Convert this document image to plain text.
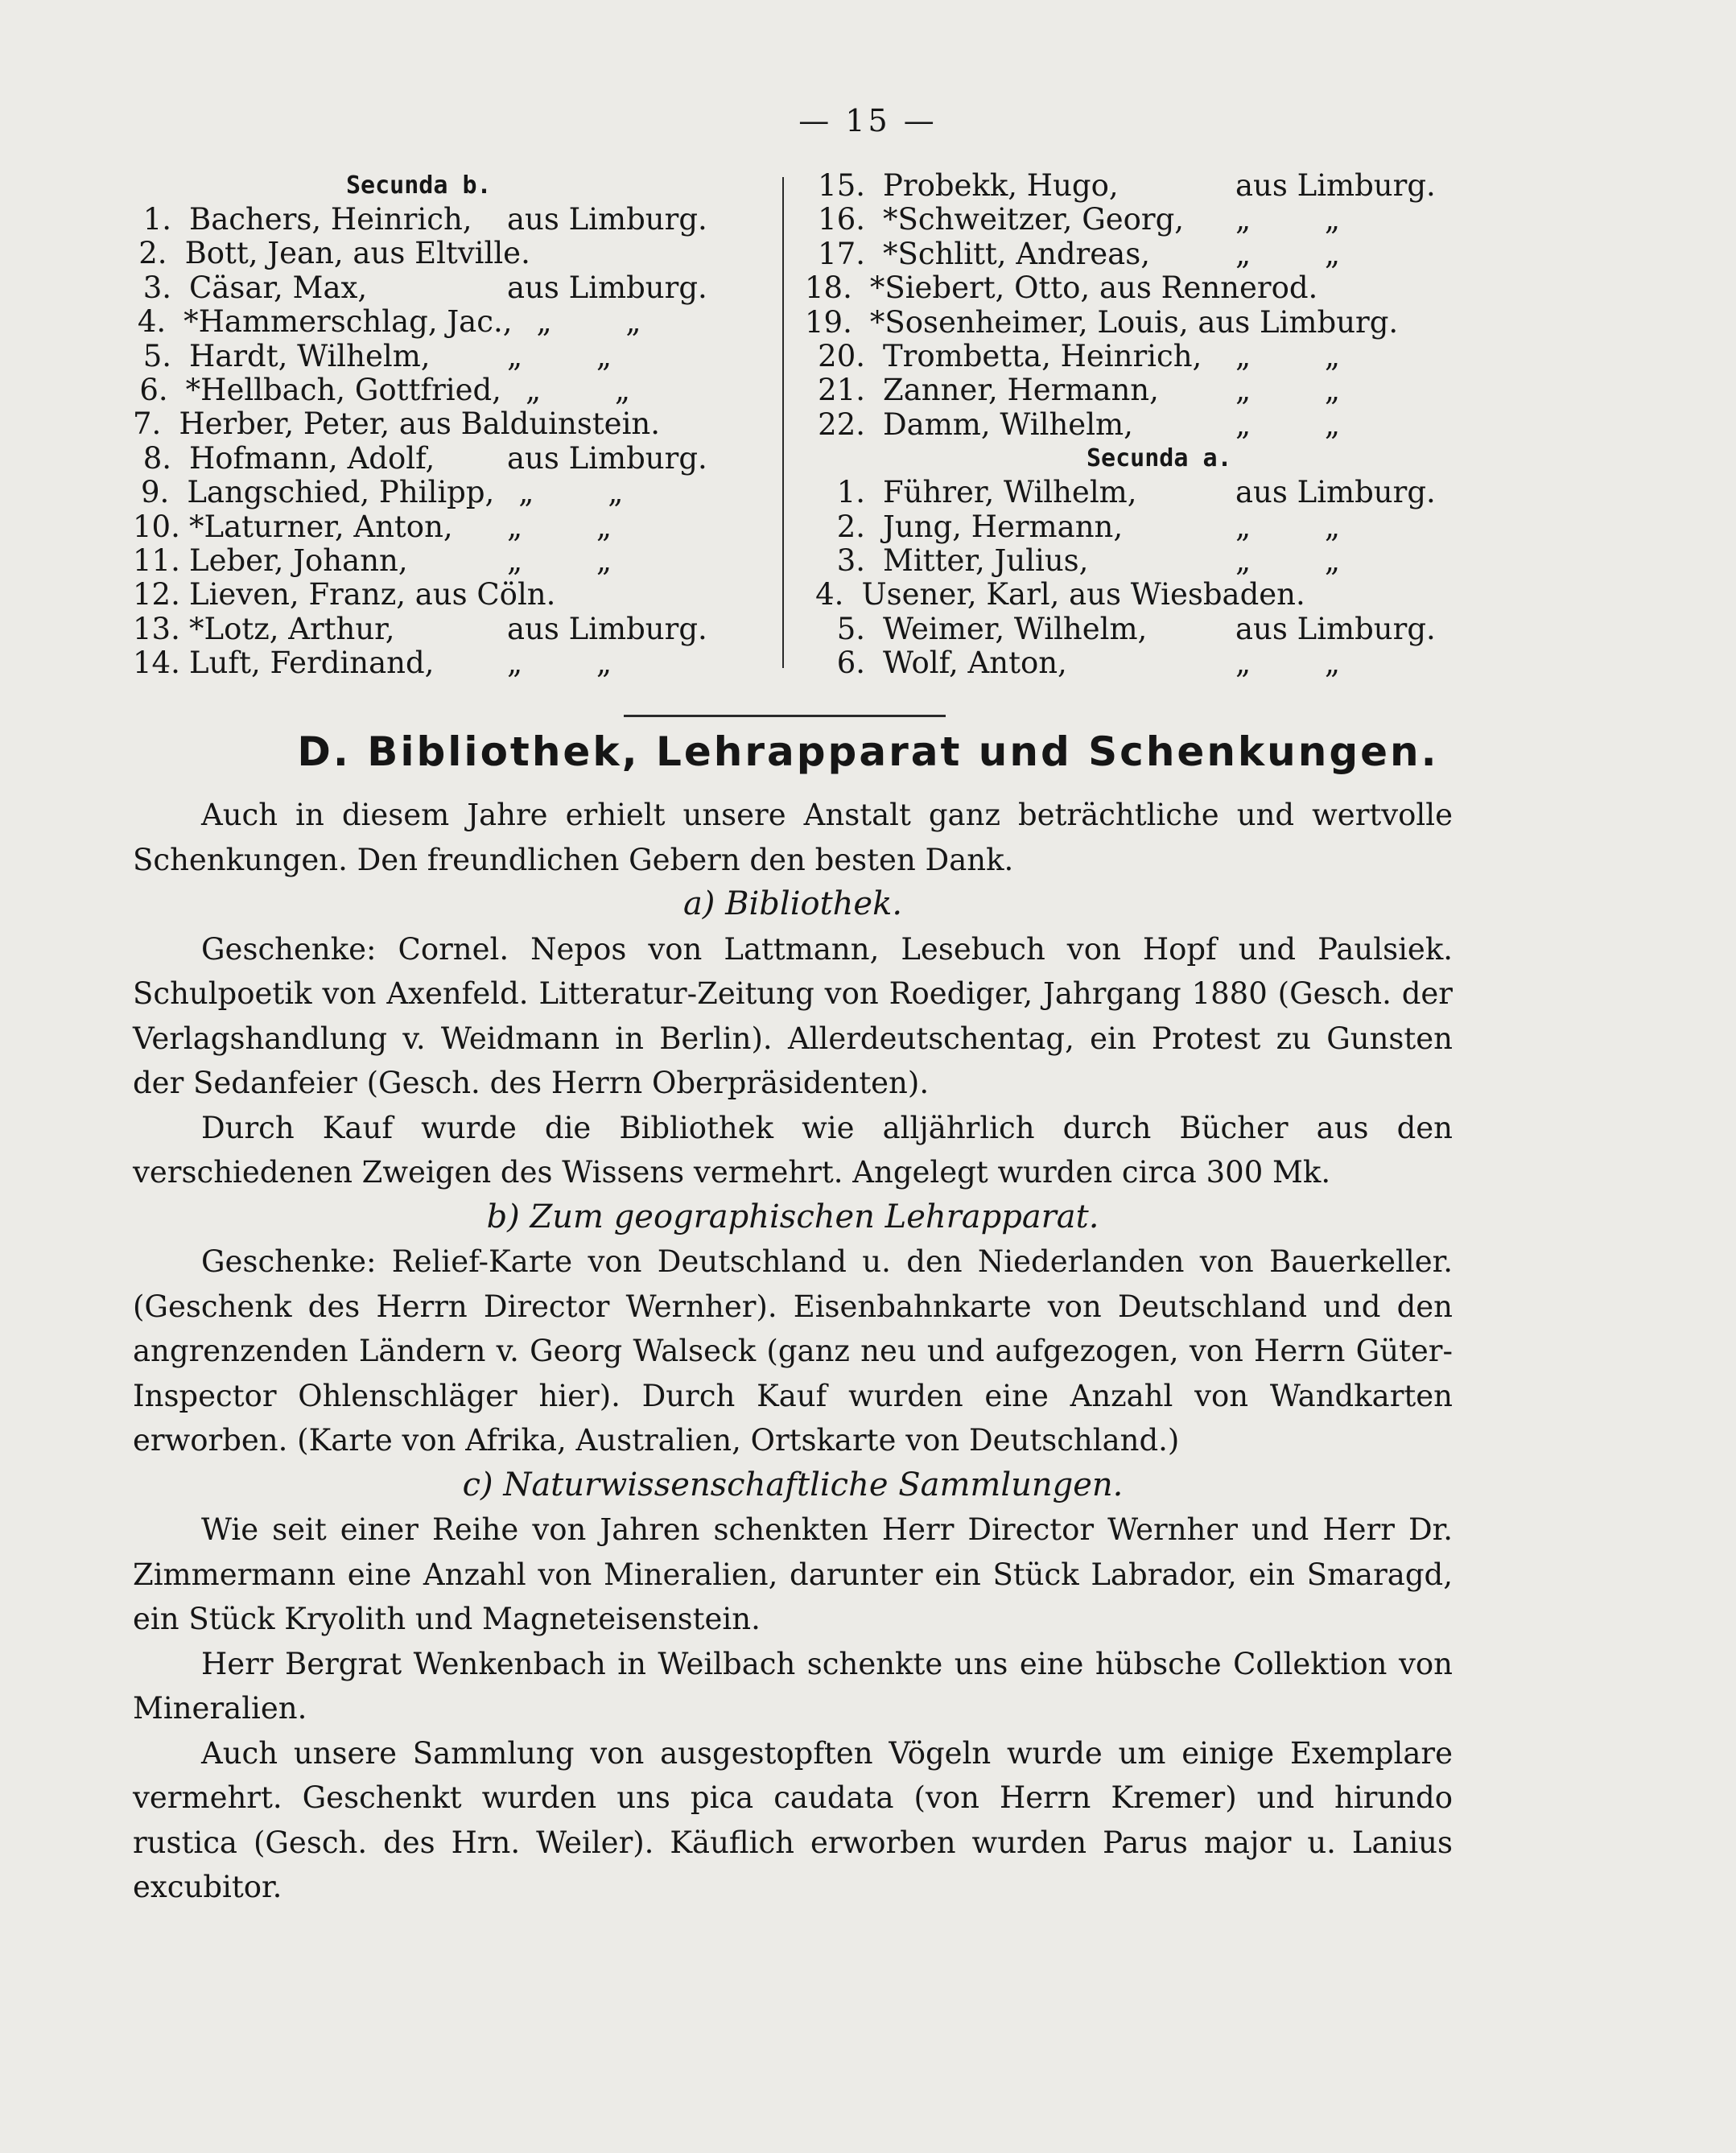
— 15 —
Secunda b.
1. Bachers, Heinrich,	aus Limburg.
2. Bott, Jean, aus Eltville.
3. Cäsar, Max,	aus Limburg.
4. *Hammerschlag, Jac., „ „
5. Hardt, Wilhelm,	„ „
6. *Hellbach, Gottfried, „ „
7. Herber, Peter, aus Balduinstein.
8. Hofmann, Adolf,	aus Limburg.
9. Langschied, Philipp, „ „
10. *Laturner, Anton,	„ „
11. Leber, Johann,	„ „
12. Lieven, Franz, aus Cöln.
13. *Lotz, Arthur,	aus Limburg.
14. Luft, Ferdinand,	„ „
15. Probekk, Hugo,	aus Limburg.
16. *Schweitzer, Georg,	„ „
17. *Schlitt, Andreas,	„ „
18. *Siebert, Otto, aus Rennerod.
19. *Sosenheimer, Louis, aus Limburg.
20. Trombetta, Heinrich,	„ „
21. Zanner, Hermann,	„ „
22. Damm, Wilhelm,	„ „
Secunda a.
1. Führer, Wilhelm,	aus Limburg.
2. Jung, Hermann,	„ „
3. Mitter, Julius,	„ „
4. Usener, Karl, aus Wiesbaden.
5. Weimer, Wilhelm,	aus Limburg.
6. Wolf, Anton,	„ „
D. Bibliothek, Lehrapparat und Schenkungen.

Auch in diesem Jahre erhielt unsere Anstalt ganz beträchtliche und wertvolle Schenkungen. Den freundlichen Gebern den besten Dank.

a) Bibliothek.

Geschenke: Cornel. Nepos von Lattmann, Lesebuch von Hopf und Paulsiek. Schulpoetik von Axenfeld. Litteratur-Zeitung von Roediger, Jahrgang 1880 (Gesch. der Verlagshandlung v. Weidmann in Berlin). Allerdeutschentag, ein Protest zu Gunsten der Sedanfeier (Gesch. des Herrn Oberpräsidenten).

Durch Kauf wurde die Bibliothek wie alljährlich durch Bücher aus den verschiedenen Zweigen des Wissens vermehrt. Angelegt wurden circa 300 Mk.

b) Zum geographischen Lehrapparat.

Geschenke: Relief-Karte von Deutschland u. den Niederlanden von Bauerkeller. (Geschenk des Herrn Director Wernher). Eisenbahnkarte von Deutschland und den angrenzenden Ländern v. Georg Walseck (ganz neu und aufgezogen, von Herrn Güter-Inspector Ohlenschläger hier). Durch Kauf wurden eine Anzahl von Wandkarten erworben. (Karte von Afrika, Australien, Ortskarte von Deutschland.)

c) Naturwissenschaftliche Sammlungen.

Wie seit einer Reihe von Jahren schenkten Herr Director Wernher und Herr Dr. Zimmermann eine Anzahl von Mineralien, darunter ein Stück Labrador, ein Smaragd, ein Stück Kryolith und Magneteisenstein.

Herr Bergrat Wenkenbach in Weilbach schenkte uns eine hübsche Collektion von Mineralien.

Auch unsere Sammlung von ausgestopften Vögeln wurde um einige Exemplare vermehrt. Geschenkt wurden uns pica caudata (von Herrn Kremer) und hirundo rustica (Gesch. des Hrn. Weiler). Käuflich erworben wurden Parus major u. Lanius excubitor.
